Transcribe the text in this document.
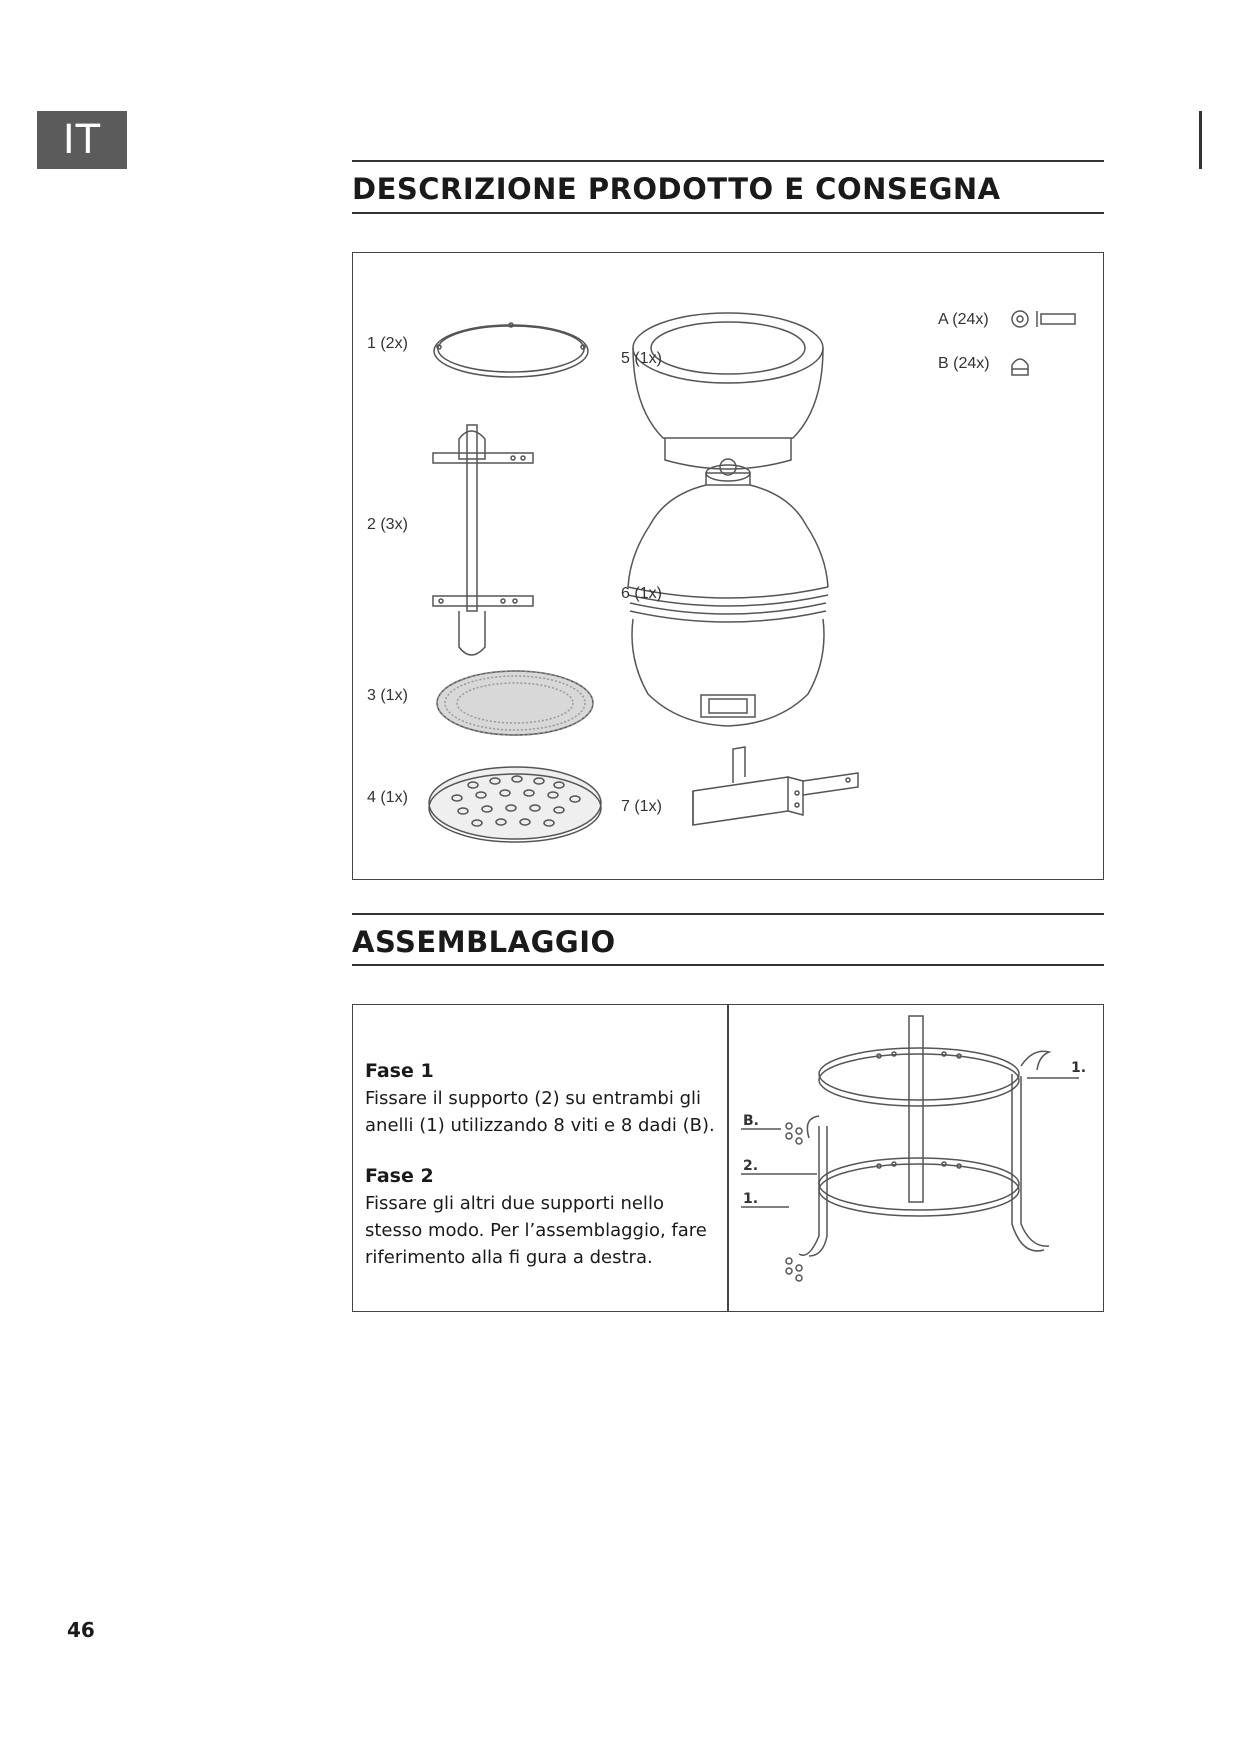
IT
DESCRIZIONE PRODOTTO E CONSEGNA
1 (2x)
2 (3x)
3 (1x)
4 (1x)
5 (1x)
6 (1x)
7 (1x)
A (24x)
B (24x)
ASSEMBLAGGIO
Fase 1
Fissare il supporto (2) su entrambi gli anelli (1) utilizzando 8 viti e 8 dadi (B).
Fase 2
Fissare gli altri due supporti nello stesso modo. Per l’assemblaggio, fare riferimento alla fi gura a destra.
1.
B.
2.
1.
46
